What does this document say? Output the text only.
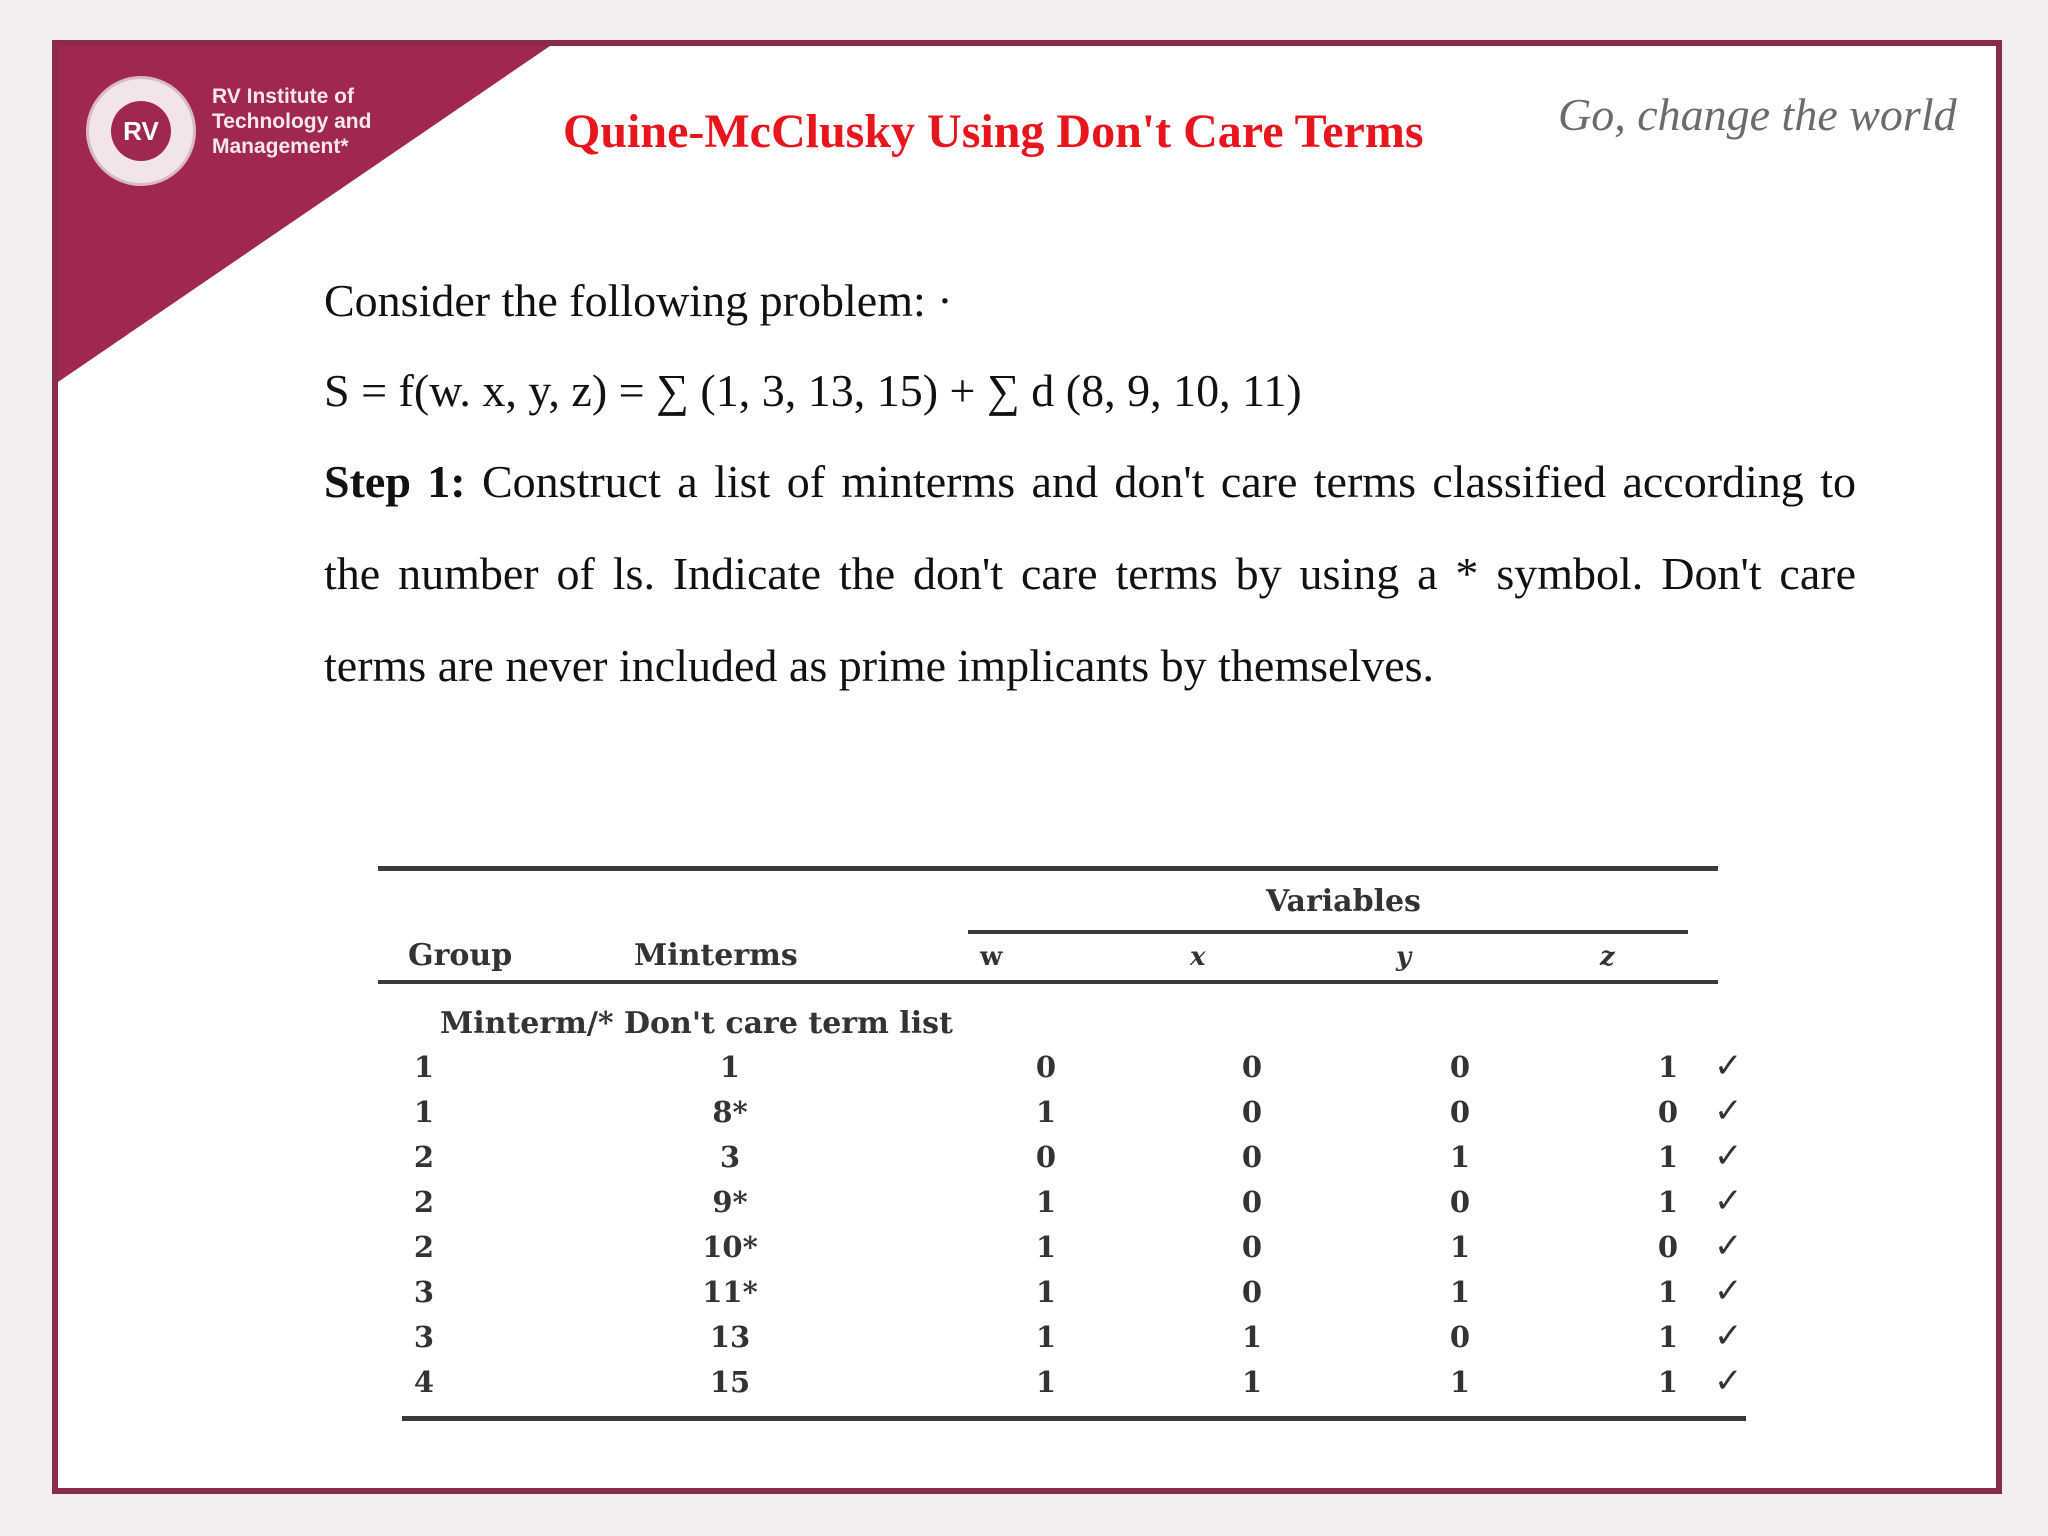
RV
RV Institute of
Technology and
Management*	Quine-McClusky Using Don't Care Terms	Go, change the world
Consider the following problem: ·
S = f(w. x, y, z) = ∑ (1, 3, 13, 15) + ∑ d (8, 9, 10, 11)
Step 1: Construct a list of minterms and don't care terms classified according to the number of ls. Indicate the don't care terms by using a * symbol. Don't care terms are never included as prime implicants by themselves.
Variables
Group	Minterms	w	x	y	z
Minterm/* Don't care term list
1	1	0	0	0	1	✓
1	8*	1	0	0	0	✓
2	3	0	0	1	1	✓
2	9*	1	0	0	1	✓
2	10*	1	0	1	0	✓
3	11*	1	0	1	1	✓
3	13	1	1	0	1	✓
4	15	1	1	1	1	✓
